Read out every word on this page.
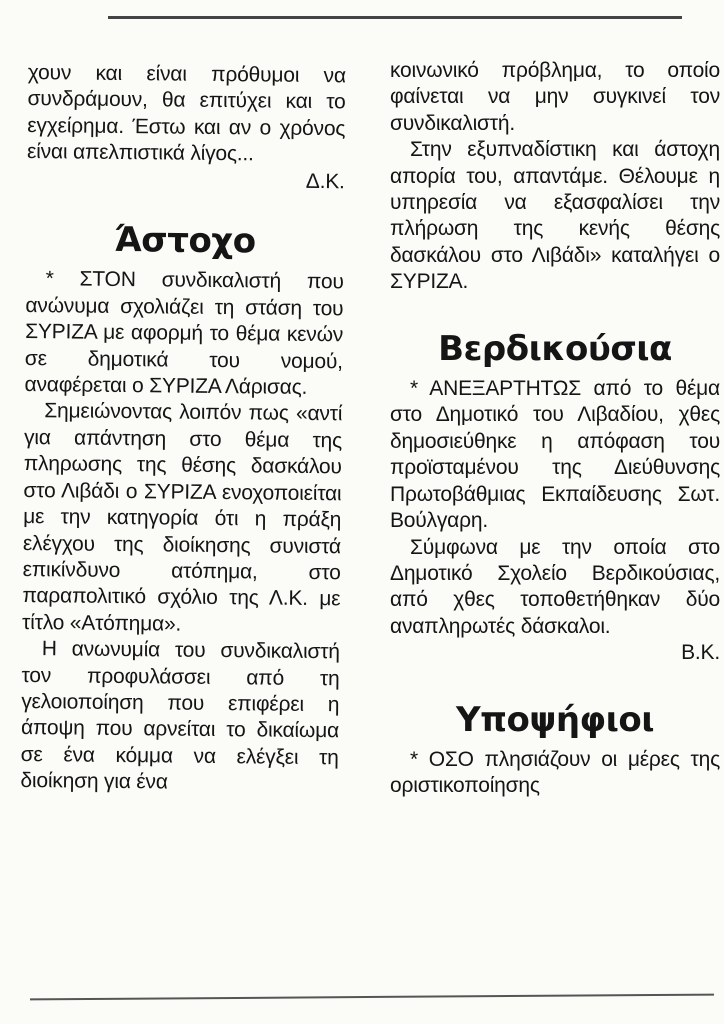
χουν και είναι πρόθυμοι να συνδράμουν, θα επιτύχει και το εγχείρημα. Έστω και αν ο χρόνος είναι απελπιστικά λίγος...

Δ.Κ.

Άστοχο

* ΣΤΟΝ συνδικαλιστή που ανώνυμα σχολιάζει τη στάση του ΣΥΡΙΖΑ με αφορμή το θέμα κενών σε δημοτικά του νομού, αναφέρεται ο ΣΥΡΙΖΑ Λάρισας.

Σημειώνοντας λοιπόν πως «αντί για απάντηση στο θέμα της πληρωσης της θέσης δασκάλου στο Λιβάδι ο ΣΥΡΙΖΑ ενοχοποιείται με την κατηγορία ότι η πράξη ελέγχου της διοίκησης συνιστά επικίνδυνο ατόπημα, στο παραπολιτικό σχόλιο της Λ.Κ. με τίτλο «Ατόπημα».

Η ανωνυμία του συνδικαλιστή τον προφυλάσσει από τη γελοιοποίηση που επιφέρει η άποψη που αρνείται το δικαίωμα σε ένα κόμμα να ελέγξει τη διοίκηση για ένα

κοινωνικό πρόβλημα, το οποίο φαίνεται να μην συγκινεί τον συνδικαλιστή.

Στην εξυπναδίστικη και άστοχη απορία του, απαντάμε. Θέλουμε η υπηρεσία να εξασφαλίσει την πλήρωση της κενής θέσης δασκάλου στο Λιβάδι» καταλήγει ο ΣΥΡΙΖΑ.

Βερδικούσια

* ΑΝΕΞΑΡΤΗΤΩΣ από το θέμα στο Δημοτικό του Λιβαδίου, χθες δημοσιεύθηκε η απόφαση του προϊσταμένου της Διεύθυνσης Πρωτοβάθμιας Εκπαίδευσης Σωτ. Βούλγαρη.

Σύμφωνα με την οποία στο Δημοτικό Σχολείο Βερδικούσιας, από χθες τοποθετήθηκαν δύο αναπληρωτές δάσκαλοι.

Β.Κ.

Υποψήφιοι

* ΟΣΟ πλησιάζουν οι μέρες της οριστικοποίησης
